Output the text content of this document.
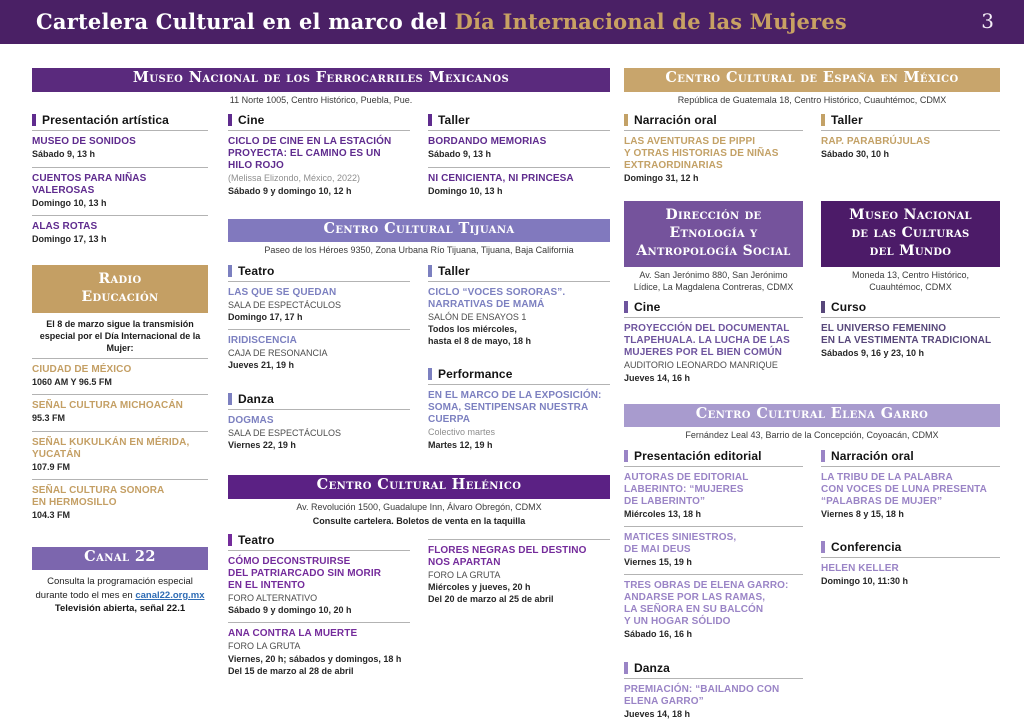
Cartelera Cultural en el marco del Día Internacional de las Mujeres	3
Museo Nacional de los Ferrocarriles Mexicanos
11 Norte 1005, Centro Histórico, Puebla, Pue.
Presentación artística
MUSEO DE SONIDOS
Sábado 9, 13 h
CUENTOS PARA NIÑAS
VALEROSAS
Domingo 10, 13 h
ALAS ROTAS
Domingo 17, 13 h
Radio
Educación
El 8 de marzo sigue la transmisión especial por el Día Internacional de la Mujer:
CIUDAD DE MÉXICO
1060 AM Y 96.5 FM
SEÑAL CULTURA MICHOACÁN
95.3 FM
SEÑAL KUKULKÁN EN MÉRIDA,
YUCATÁN
107.9 FM
SEÑAL CULTURA SONORA
EN HERMOSILLO
104.3 FM
Canal 22
Consulta la programación especial durante todo el mes en canal22.org.mx
Televisión abierta, señal 22.1
Cine
CICLO DE CINE EN LA ESTACIÓN
PROYECTA: EL CAMINO ES UN
HILO ROJO
(Melissa Elizondo, México, 2022)
Sábado 9 y domingo 10, 12 h
Taller
BORDANDO MEMORIAS
Sábado 9, 13 h
NI CENICIENTA, NI PRINCESA
Domingo 10, 13 h
Centro Cultural Tijuana
Paseo de los Héroes 9350, Zona Urbana Río Tijuana, Tijuana, Baja California
Teatro
LAS QUE SE QUEDAN
SALA DE ESPECTÁCULOS
Domingo 17, 17 h
IRIDISCENCIA
CAJA DE RESONANCIA
Jueves 21, 19 h
Danza
DOGMAS
SALA DE ESPECTÁCULOS
Viernes 22, 19 h
Taller
CICLO “VOCES SORORAS”.
NARRATIVAS DE MAMÁ
SALÓN DE ENSAYOS 1
Todos los miércoles,
hasta el 8 de mayo, 18 h
Performance
EN EL MARCO DE LA EXPOSICIÓN:
SOMA, SENTIPENSAR NUESTRA
CUERPA
Colectivo martes
Martes 12, 19 h
Centro Cultural Helénico
Av. Revolución 1500, Guadalupe Inn, Álvaro Obregón, CDMX
Consulte cartelera. Boletos de venta en la taquilla
Teatro
CÓMO DECONSTRUIRSE
DEL PATRIARCADO SIN MORIR
EN EL INTENTO
FORO ALTERNATIVO
Sábado 9 y domingo 10, 20 h
ANA CONTRA LA MUERTE
FORO LA GRUTA
Viernes, 20 h; sábados y domingos, 18 h
Del 15 de marzo al 28 de abril
FLORES NEGRAS DEL DESTINO
NOS APARTAN
FORO LA GRUTA
Miércoles y jueves, 20 h
Del 20 de marzo al 25 de abril
Centro Cultural de España en México
República de Guatemala 18, Centro Histórico, Cuauhtémoc, CDMX
Narración oral
LAS AVENTURAS DE PIPPI
Y OTRAS HISTORIAS DE NIÑAS
EXTRAORDINARIAS
Domingo 31, 12 h
Taller
RAP. PARABRÚJULAS
Sábado 30, 10 h
Dirección de
Etnología y
Antropología Social
Av. San Jerónimo 880, San Jerónimo Lídice, La Magdalena Contreras, CDMX
Cine
PROYECCIÓN DEL DOCUMENTAL
TLAPEHUALA. LA LUCHA DE LAS
MUJERES POR EL BIEN COMÚN
AUDITORIO LEONARDO MANRIQUE
Jueves 14, 16 h
Museo Nacional
de las Culturas
del Mundo
Moneda 13, Centro Histórico, Cuauhtémoc, CDMX
Curso
EL UNIVERSO FEMENINO
EN LA VESTIMENTA TRADICIONAL
Sábados 9, 16 y 23, 10 h
Centro Cultural Elena Garro
Fernández Leal 43, Barrio de la Concepción, Coyoacán, CDMX
Presentación editorial
AUTORAS DE EDITORIAL
LABERINTO: “MUJERES
DE LABERINTO”
Miércoles 13, 18 h
MATICES SINIESTROS,
DE MAI DEUS
Viernes 15, 19 h
TRES OBRAS DE ELENA GARRO:
ANDARSE POR LAS RAMAS,
LA SEÑORA EN SU BALCÓN
Y UN HOGAR SÓLIDO
Sábado 16, 16 h
Danza
PREMIACIÓN: “BAILANDO CON
ELENA GARRO”
Jueves 14, 18 h
Narración oral
LA TRIBU DE LA PALABRA
CON VOCES DE LUNA PRESENTA
“PALABRAS DE MUJER”
Viernes 8 y 15, 18 h
Conferencia
HELEN KELLER
Domingo 10, 11:30 h
